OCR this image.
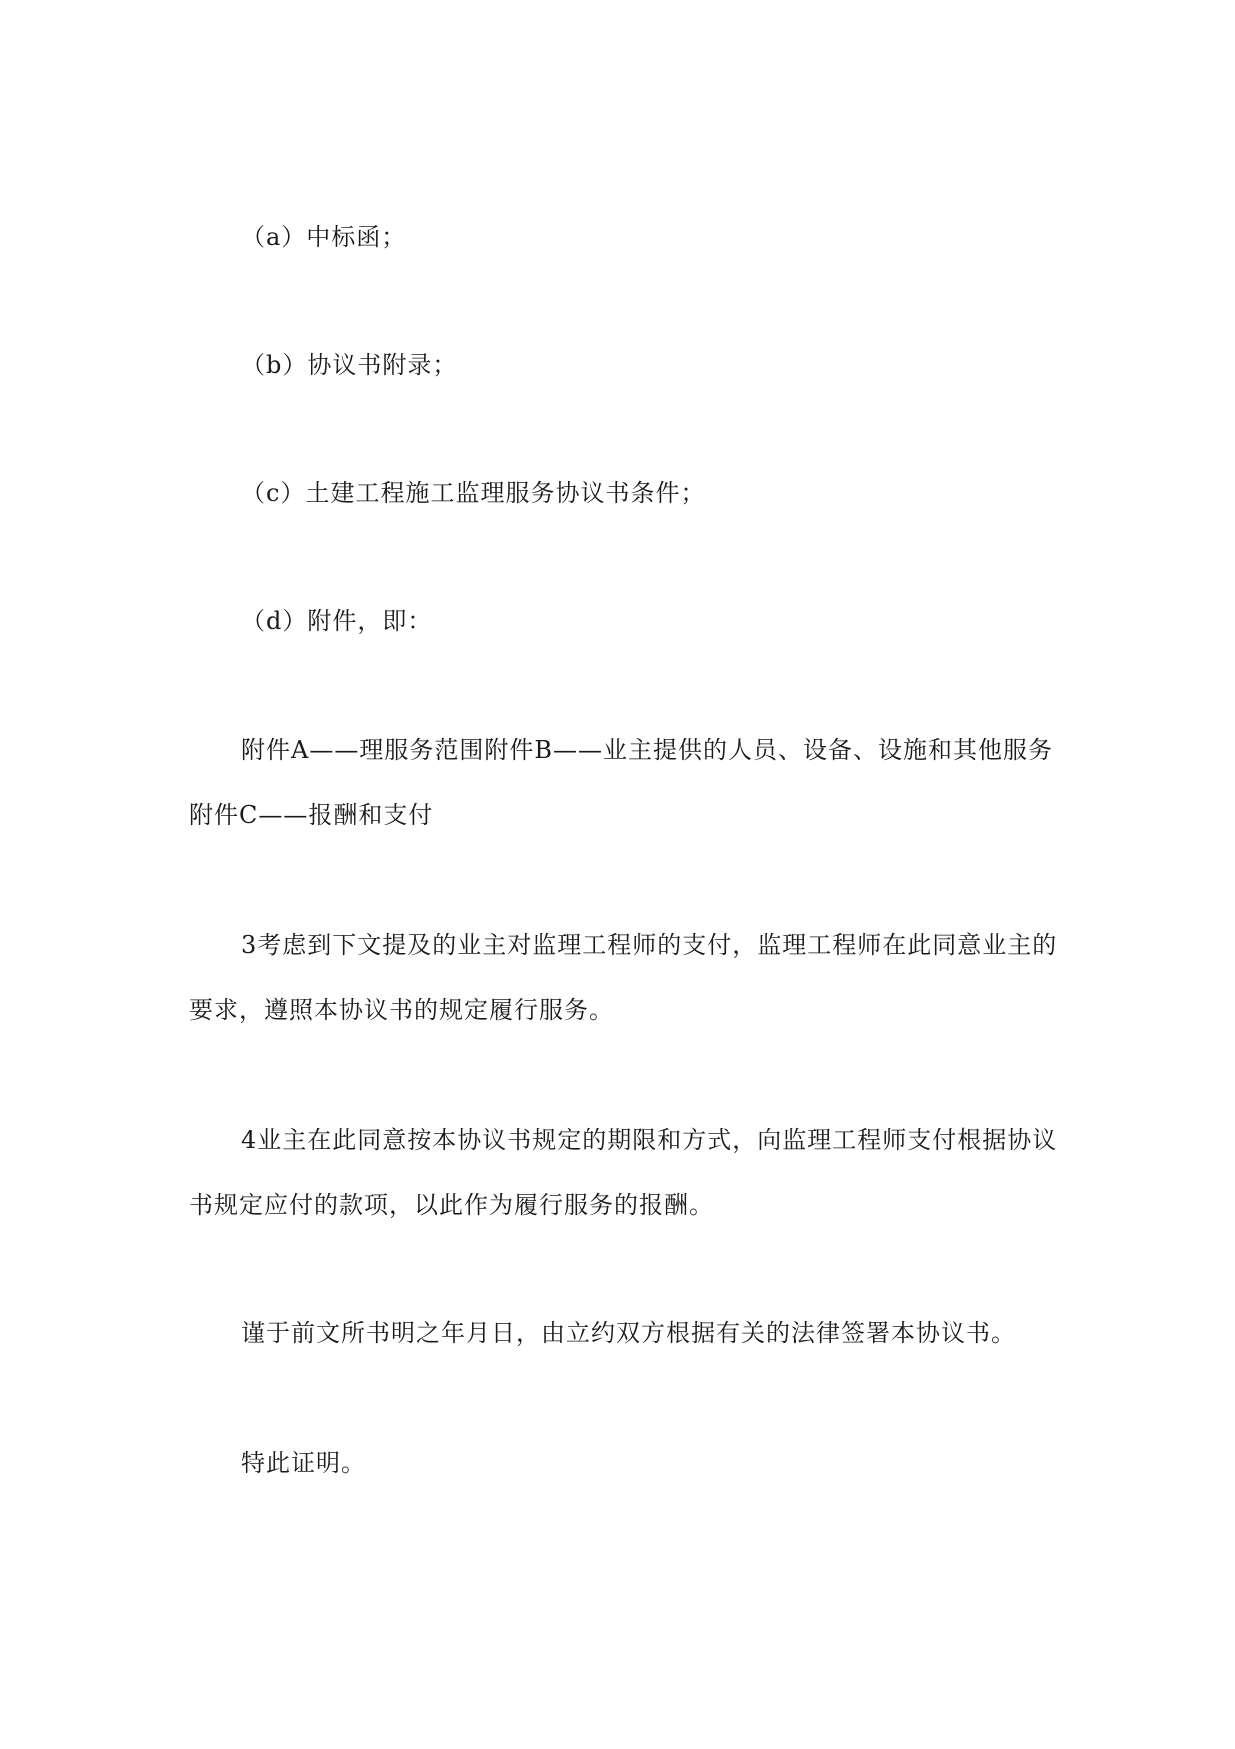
（a）中标函；
（b）协议书附录；
（c）土建工程施工监理服务协议书条件；
（d）附件，即：
附件A——理服务范围附件B——业主提供的人员、设备、设施和其他服务
附件C——报酬和支付
3考虑到下文提及的业主对监理工程师的支付，监理工程师在此同意业主的
要求，遵照本协议书的规定履行服务。
4业主在此同意按本协议书规定的期限和方式，向监理工程师支付根据协议
书规定应付的款项，以此作为履行服务的报酬。
谨于前文所书明之年月日，由立约双方根据有关的法律签署本协议书。
特此证明。
